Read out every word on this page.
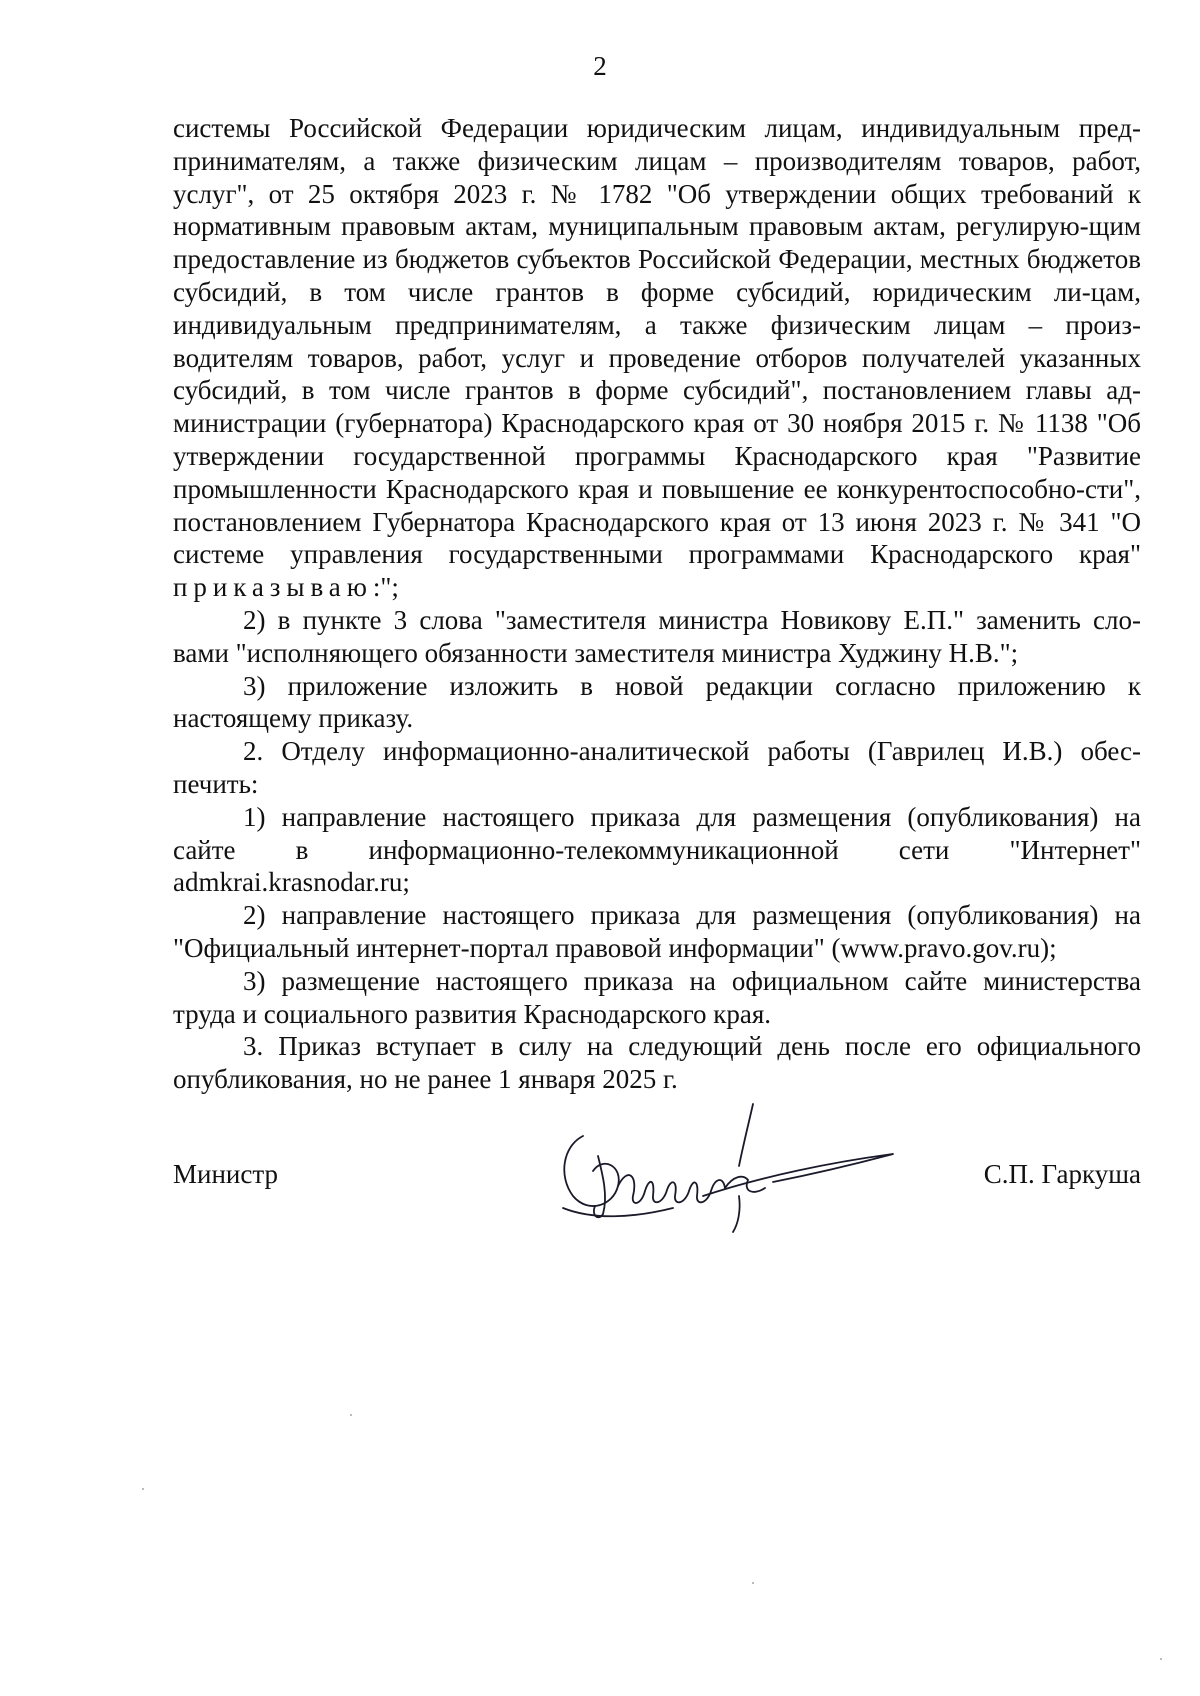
2

системы Российской Федерации юридическим лицам, индивидуальным пред-принимателям, а также физическим лицам – производителям товаров, работ, услуг", от 25 октября 2023 г. № 1782 "Об утверждении общих требований к нормативным правовым актам, муниципальным правовым актам, регулирую-щим предоставление из бюджетов субъектов Российской Федерации, местных бюджетов субсидий, в том числе грантов в форме субсидий, юридическим ли-цам, индивидуальным предпринимателям, а также физическим лицам – произ-водителям товаров, работ, услуг и проведение отборов получателей указанных субсидий, в том числе грантов в форме субсидий", постановлением главы ад-министрации (губернатора) Краснодарского края от 30 ноября 2015 г. № 1138 "Об утверждении государственной программы Краснодарского края "Развитие промышленности Краснодарского края и повышение ее конкурентоспособно-сти", постановлением Губернатора Краснодарского края от 13 июня 2023 г. № 341 "О системе управления государственными программами Краснодарского края" приказываю:";

2) в пункте 3 слова "заместителя министра Новикову Е.П." заменить сло-вами "исполняющего обязанности заместителя министра Худжину Н.В.";

3) приложение изложить в новой редакции согласно приложению к настоящему приказу.

2. Отделу информационно-аналитической работы (Гаврилец И.В.) обес-печить:

1) направление настоящего приказа для размещения (опубликования) на сайте в информационно-телекоммуникационной сети "Интернет" admkrai.krasnodar.ru;

2) направление настоящего приказа для размещения (опубликования) на "Официальный интернет-портал правовой информации" (www.pravo.gov.ru);

3) размещение настоящего приказа на официальном сайте министерства труда и социального развития Краснодарского края.

3. Приказ вступает в силу на следующий день после его официального опубликования, но не ранее 1 января 2025 г.

Министр	С.П. Гаркуша
